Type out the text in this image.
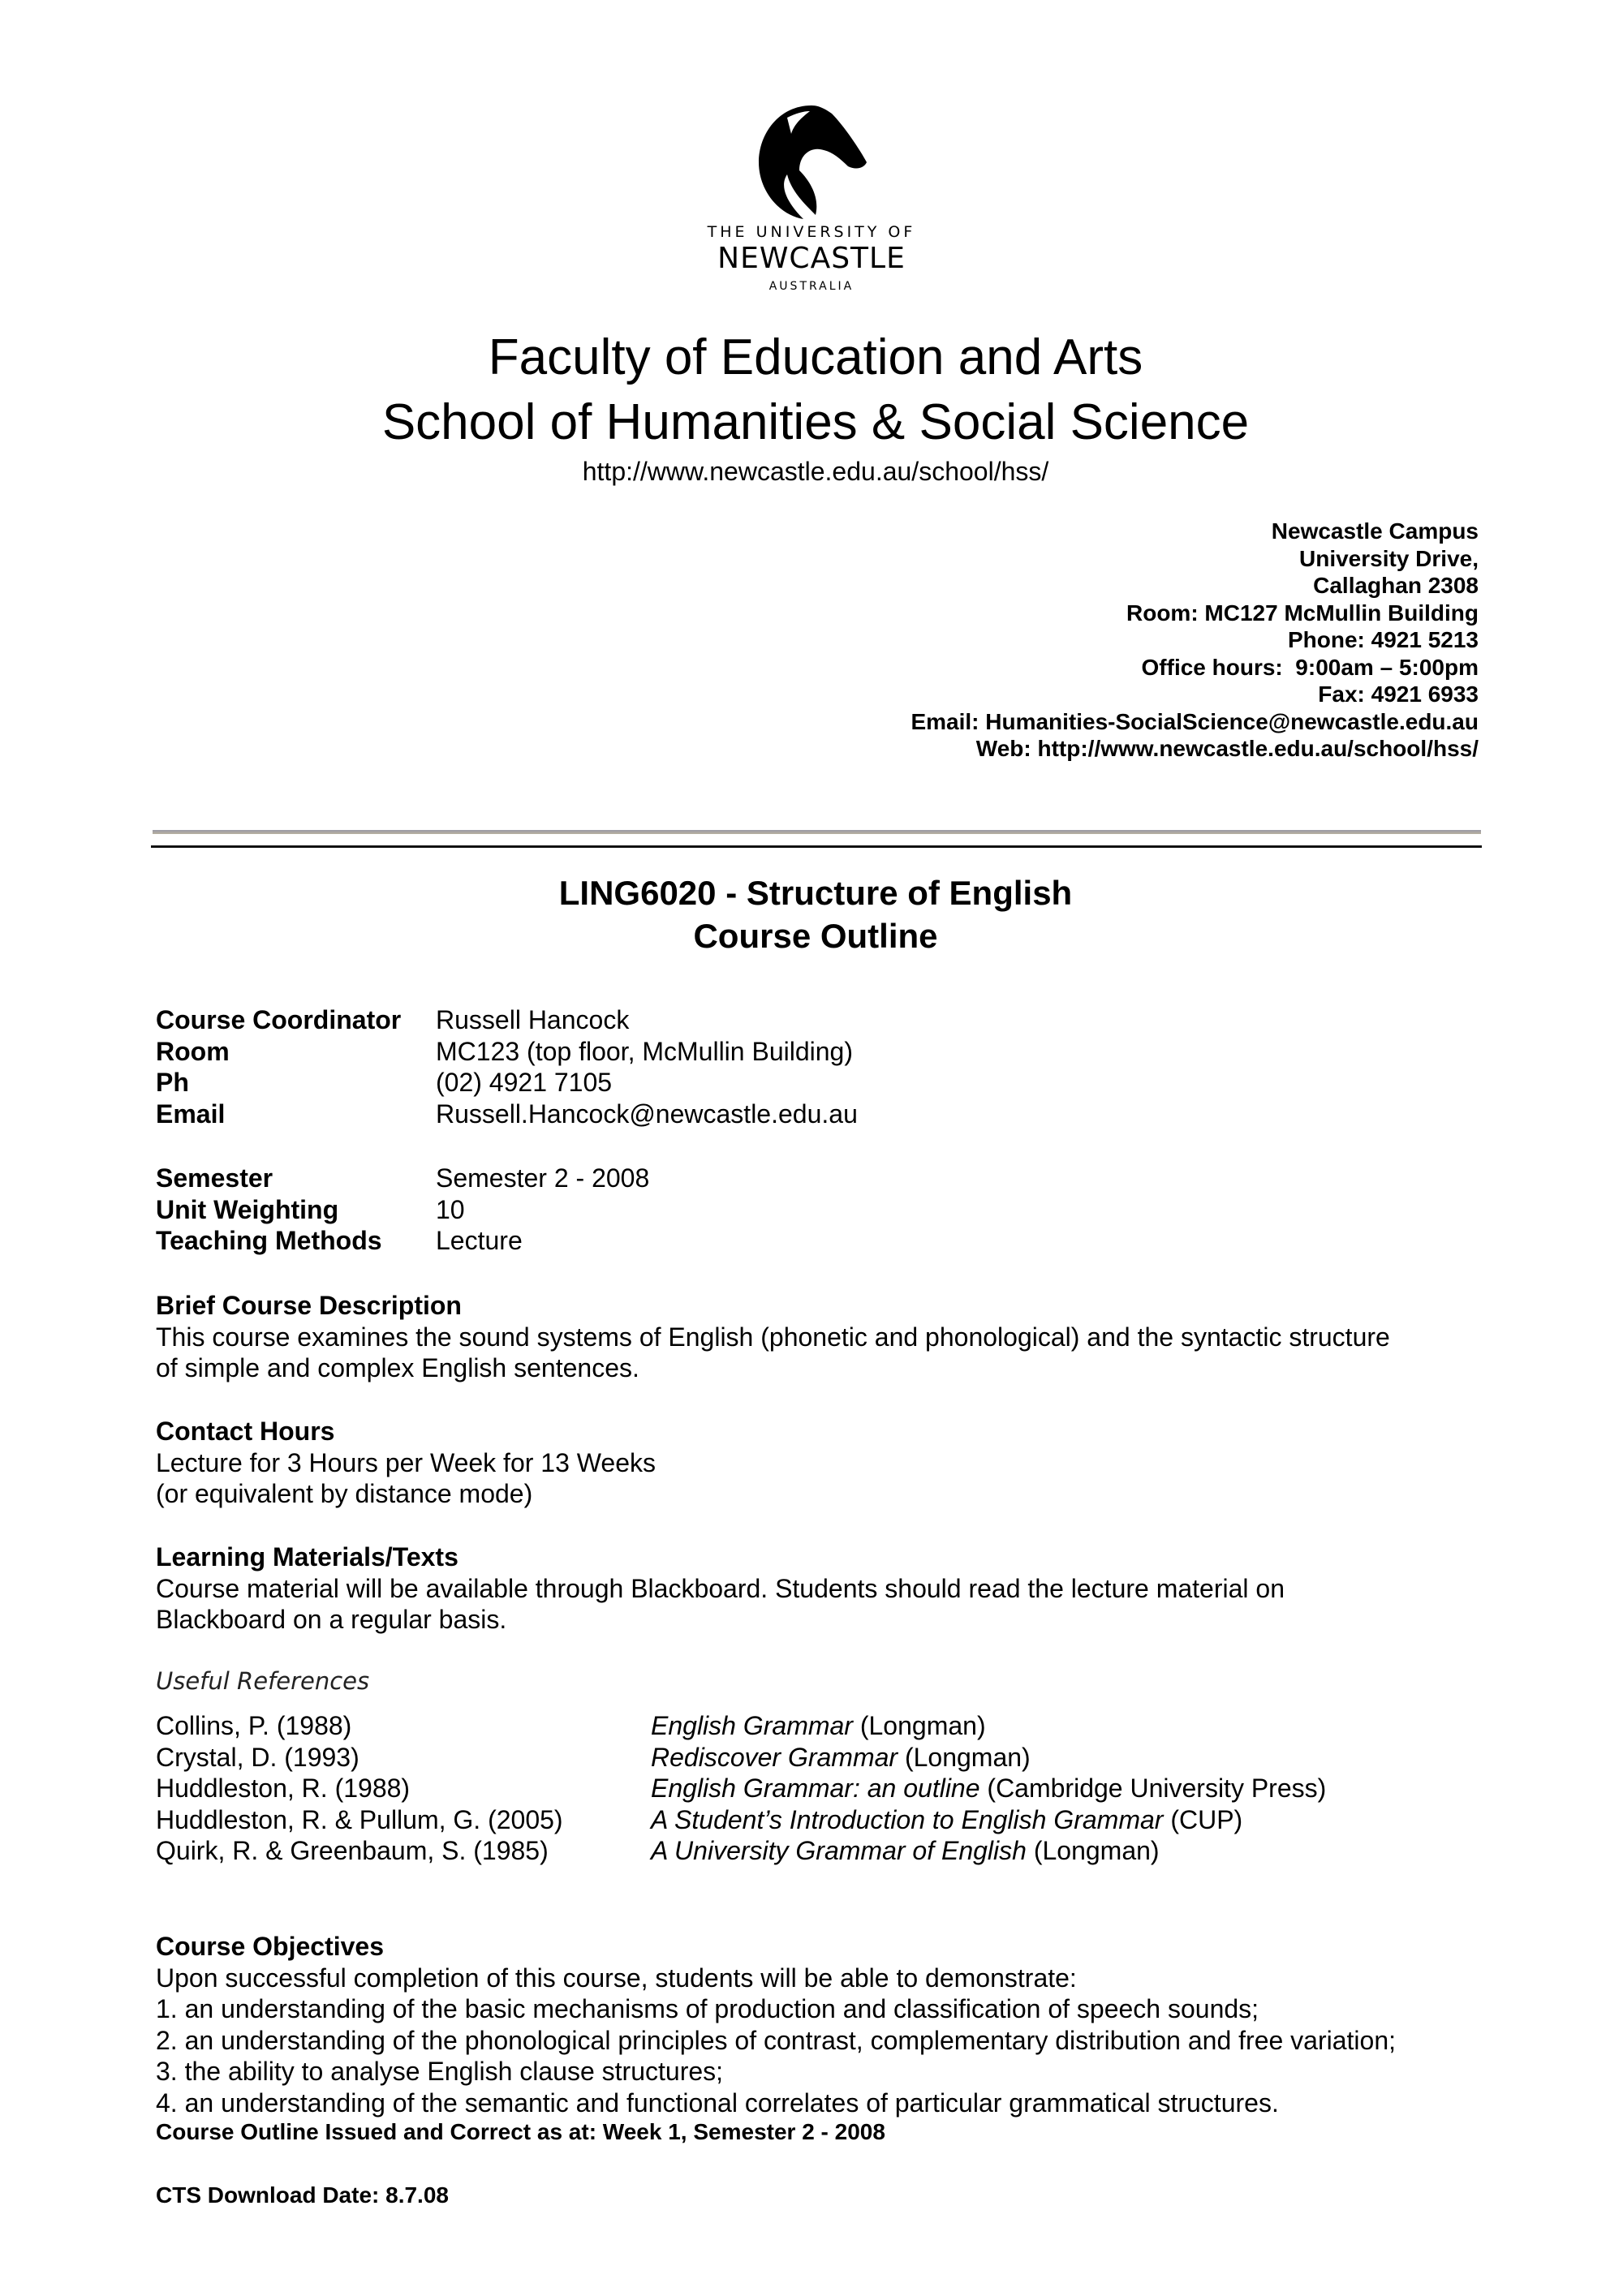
THE UNIVERSITY OF
NEWCASTLE
AUSTRALIA
Faculty of Education and Arts
School of Humanities & Social Science
http://www.newcastle.edu.au/school/hss/
Newcastle Campus
University Drive,
Callaghan 2308
Room: MC127 McMullin Building
Phone: 4921 5213
Office hours:  9:00am – 5:00pm
Fax: 4921 6933
Email: Humanities-SocialScience@newcastle.edu.au
Web: http://www.newcastle.edu.au/school/hss/
LING6020 - Structure of English
Course Outline
Course Coordinator	Russell Hancock
Room	MC123 (top floor, McMullin Building)
Ph	(02) 4921 7105
Email	Russell.Hancock@newcastle.edu.au
Semester	Semester 2 - 2008
Unit Weighting	10
Teaching Methods	Lecture
Brief Course Description
This course examines the sound systems of English (phonetic and phonological) and the syntactic structure
of simple and complex English sentences.
Contact Hours
Lecture for 3 Hours per Week for 13 Weeks
(or equivalent by distance mode)
Learning Materials/Texts
Course material will be available through Blackboard. Students should read the lecture material on
Blackboard on a regular basis.
Useful References
Collins, P. (1988)	English Grammar (Longman)
Crystal, D. (1993)	Rediscover Grammar (Longman)
Huddleston, R. (1988)	English Grammar: an outline (Cambridge University Press)
Huddleston, R. & Pullum, G. (2005)	A Student’s Introduction to English Grammar (CUP)
Quirk, R. & Greenbaum, S. (1985)	A University Grammar of English (Longman)
Course Objectives
Upon successful completion of this course, students will be able to demonstrate:
1. an understanding of the basic mechanisms of production and classification of speech sounds;
2. an understanding of the phonological principles of contrast, complementary distribution and free variation;
3. the ability to analyse English clause structures;
4. an understanding of the semantic and functional correlates of particular grammatical structures.
Course Outline Issued and Correct as at: Week 1, Semester 2 - 2008
CTS Download Date: 8.7.08
